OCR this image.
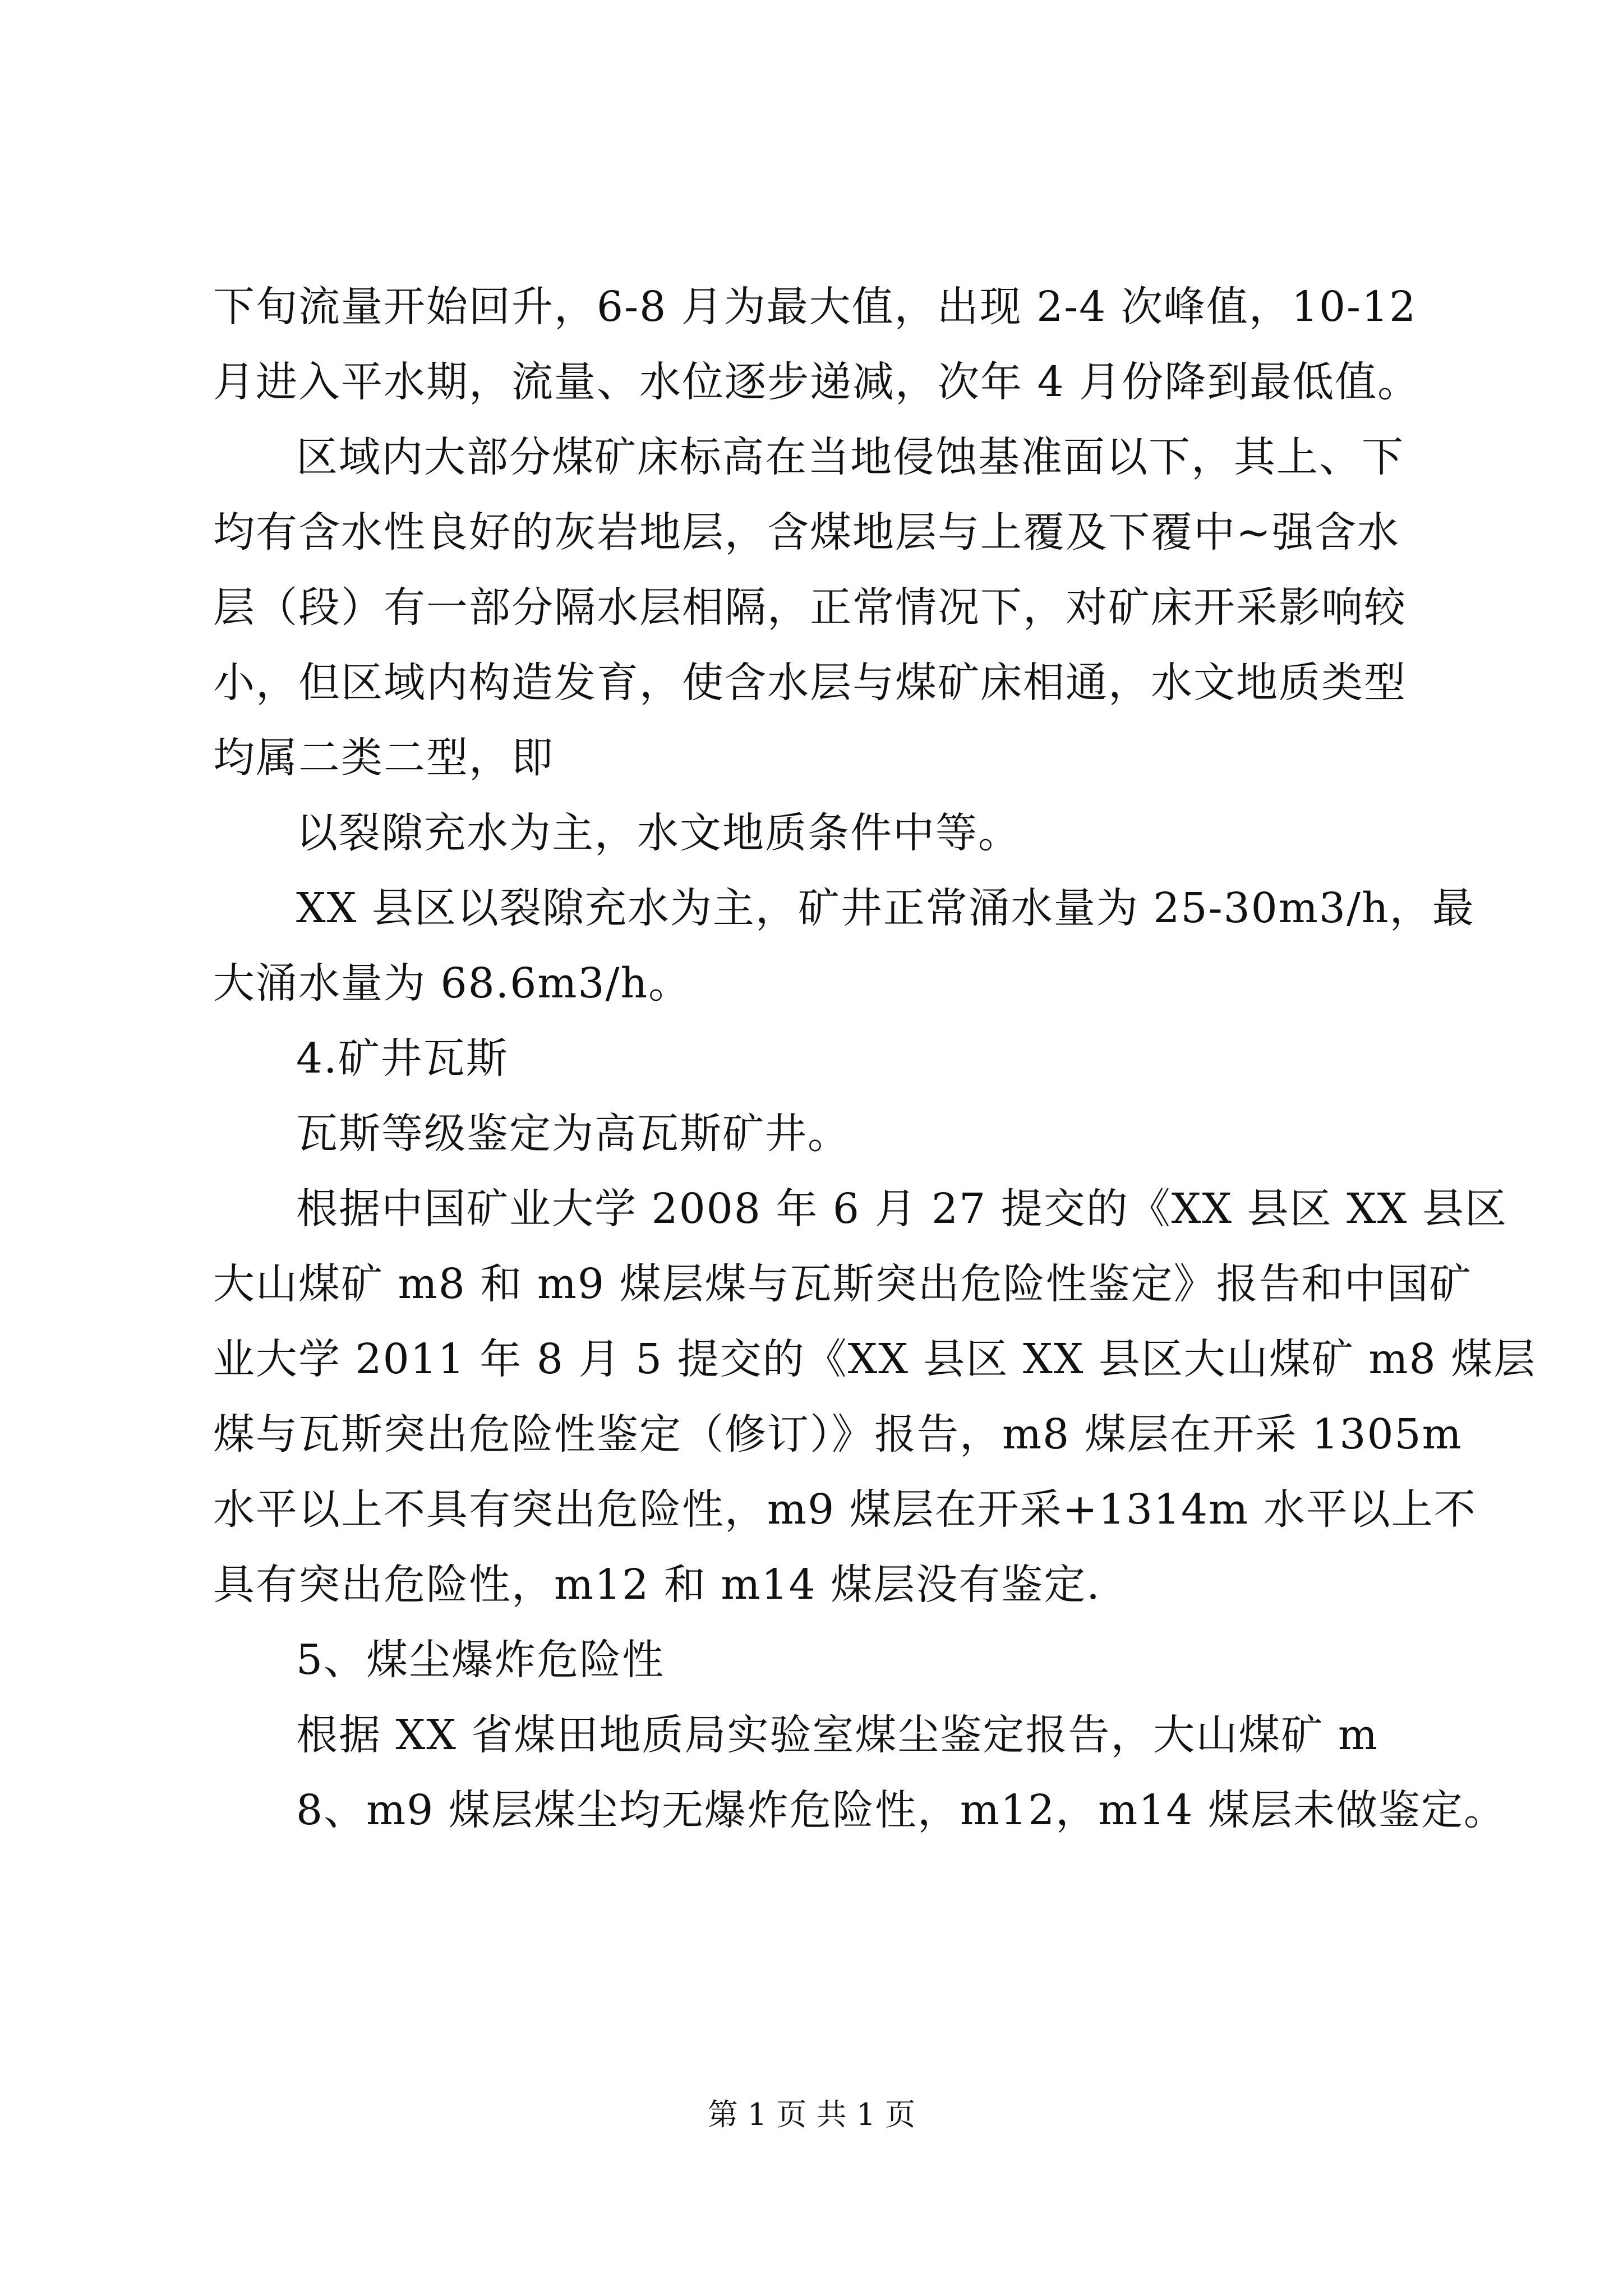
下旬流量开始回升，6-8 月为最大值，出现 2-4 次峰值，10-12
月进入平水期，流量、水位逐步递减，次年 4 月份降到最低值。
区域内大部分煤矿床标高在当地侵蚀基准面以下，其上、下
均有含水性良好的灰岩地层，含煤地层与上覆及下覆中~强含水
层（段）有一部分隔水层相隔，正常情况下，对矿床开采影响较
小，但区域内构造发育，使含水层与煤矿床相通，水文地质类型
均属二类二型，即
以裂隙充水为主，水文地质条件中等。
XX 县区以裂隙充水为主，矿井正常涌水量为 25-30m3/h，最
大涌水量为 68.6m3/h。
4.矿井瓦斯
瓦斯等级鉴定为高瓦斯矿井。
根据中国矿业大学 2008 年 6 月 27 提交的《XX 县区 XX 县区
大山煤矿 m8 和 m9 煤层煤与瓦斯突出危险性鉴定》报告和中国矿
业大学 2011 年 8 月 5 提交的《XX 县区 XX 县区大山煤矿 m8 煤层
煤与瓦斯突出危险性鉴定（修订）》报告，m8 煤层在开采 1305m
水平以上不具有突出危险性，m9 煤层在开采+1314m 水平以上不
具有突出危险性，m12 和 m14 煤层没有鉴定.
5、煤尘爆炸危险性
根据 XX 省煤田地质局实验室煤尘鉴定报告，大山煤矿 m
8、m9 煤层煤尘均无爆炸危险性，m12，m14 煤层未做鉴定。
第 1 页 共 1 页
